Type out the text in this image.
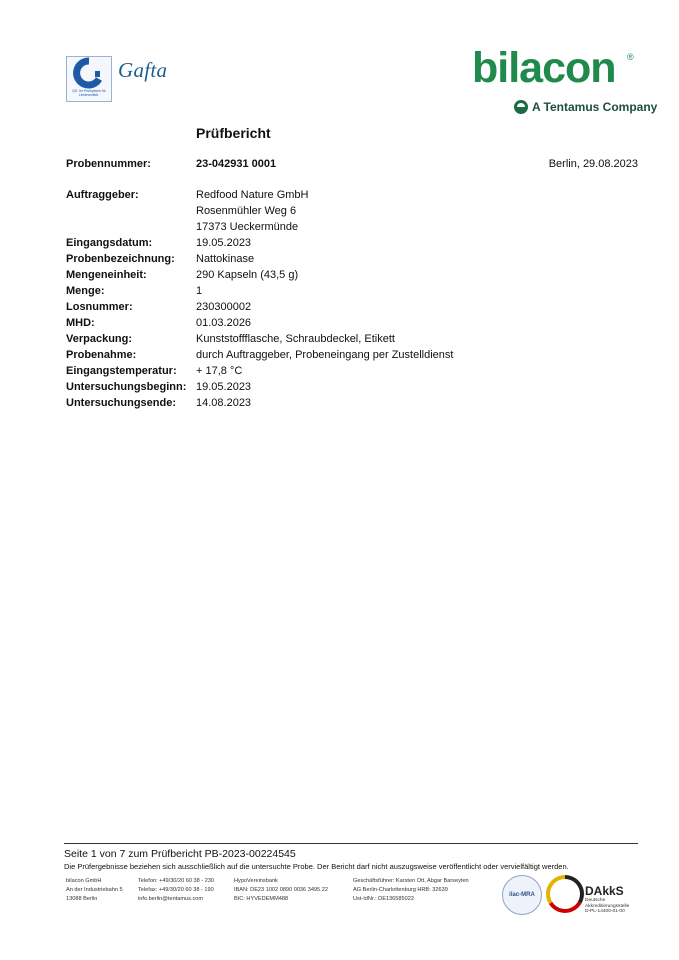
QS. Ihr Prüfsystem für Lebensmittel.
Gafta	bilacon ®
A Tentamus Company
Prüfbericht
Berlin, 29.08.2023
Probennummer:	23-042931 0001
Auftraggeber:	Redfood Nature GmbH
Rosenmühler Weg 6
17373 Ueckermünde
Eingangsdatum:	19.05.2023
Probenbezeichnung: Nattokinase
Mengeneinheit:	290 Kapseln (43,5 g)
Menge:	1
Losnummer:	230300002
MHD:	01.03.2026
Verpackung:	Kunststoffflasche, Schraubdeckel, Etikett
Probenahme:	durch Auftraggeber, Probeneingang per Zustelldienst
Eingangstemperatur: + 17,8 °C
Untersuchungsbeginn: 19.05.2023
Untersuchungsende: 14.08.2023
Seite 1 von 7 zum Prüfbericht PB-2023-00224545
Die Prüfergebnisse beziehen sich ausschließlich auf die untersuchte Probe. Der Bericht darf nicht auszugsweise veröffentlicht oder vervielfältigt werden.
bilacon GmbH
An der Industriebahn 5
13088 Berlin
Telefon: +49/30/20 60 38 - 230
Telefax: +49/30/20 60 38 - 190
info.berlin@tentamus.com
HypoVereinsbank
IBAN: DE23 1002 0890 0036 3495 22
BIC: HYVEDEMM488
Geschäftsführer: Karsten Ott, Abgar Barseyten
AG Berlin-Charlottenburg HRB: 32639
Ust-IdNr.: DE136585022
ilac-MRA	DAkkS
Deutsche
Akkreditierungsstelle
D-PL-14400-01-00
